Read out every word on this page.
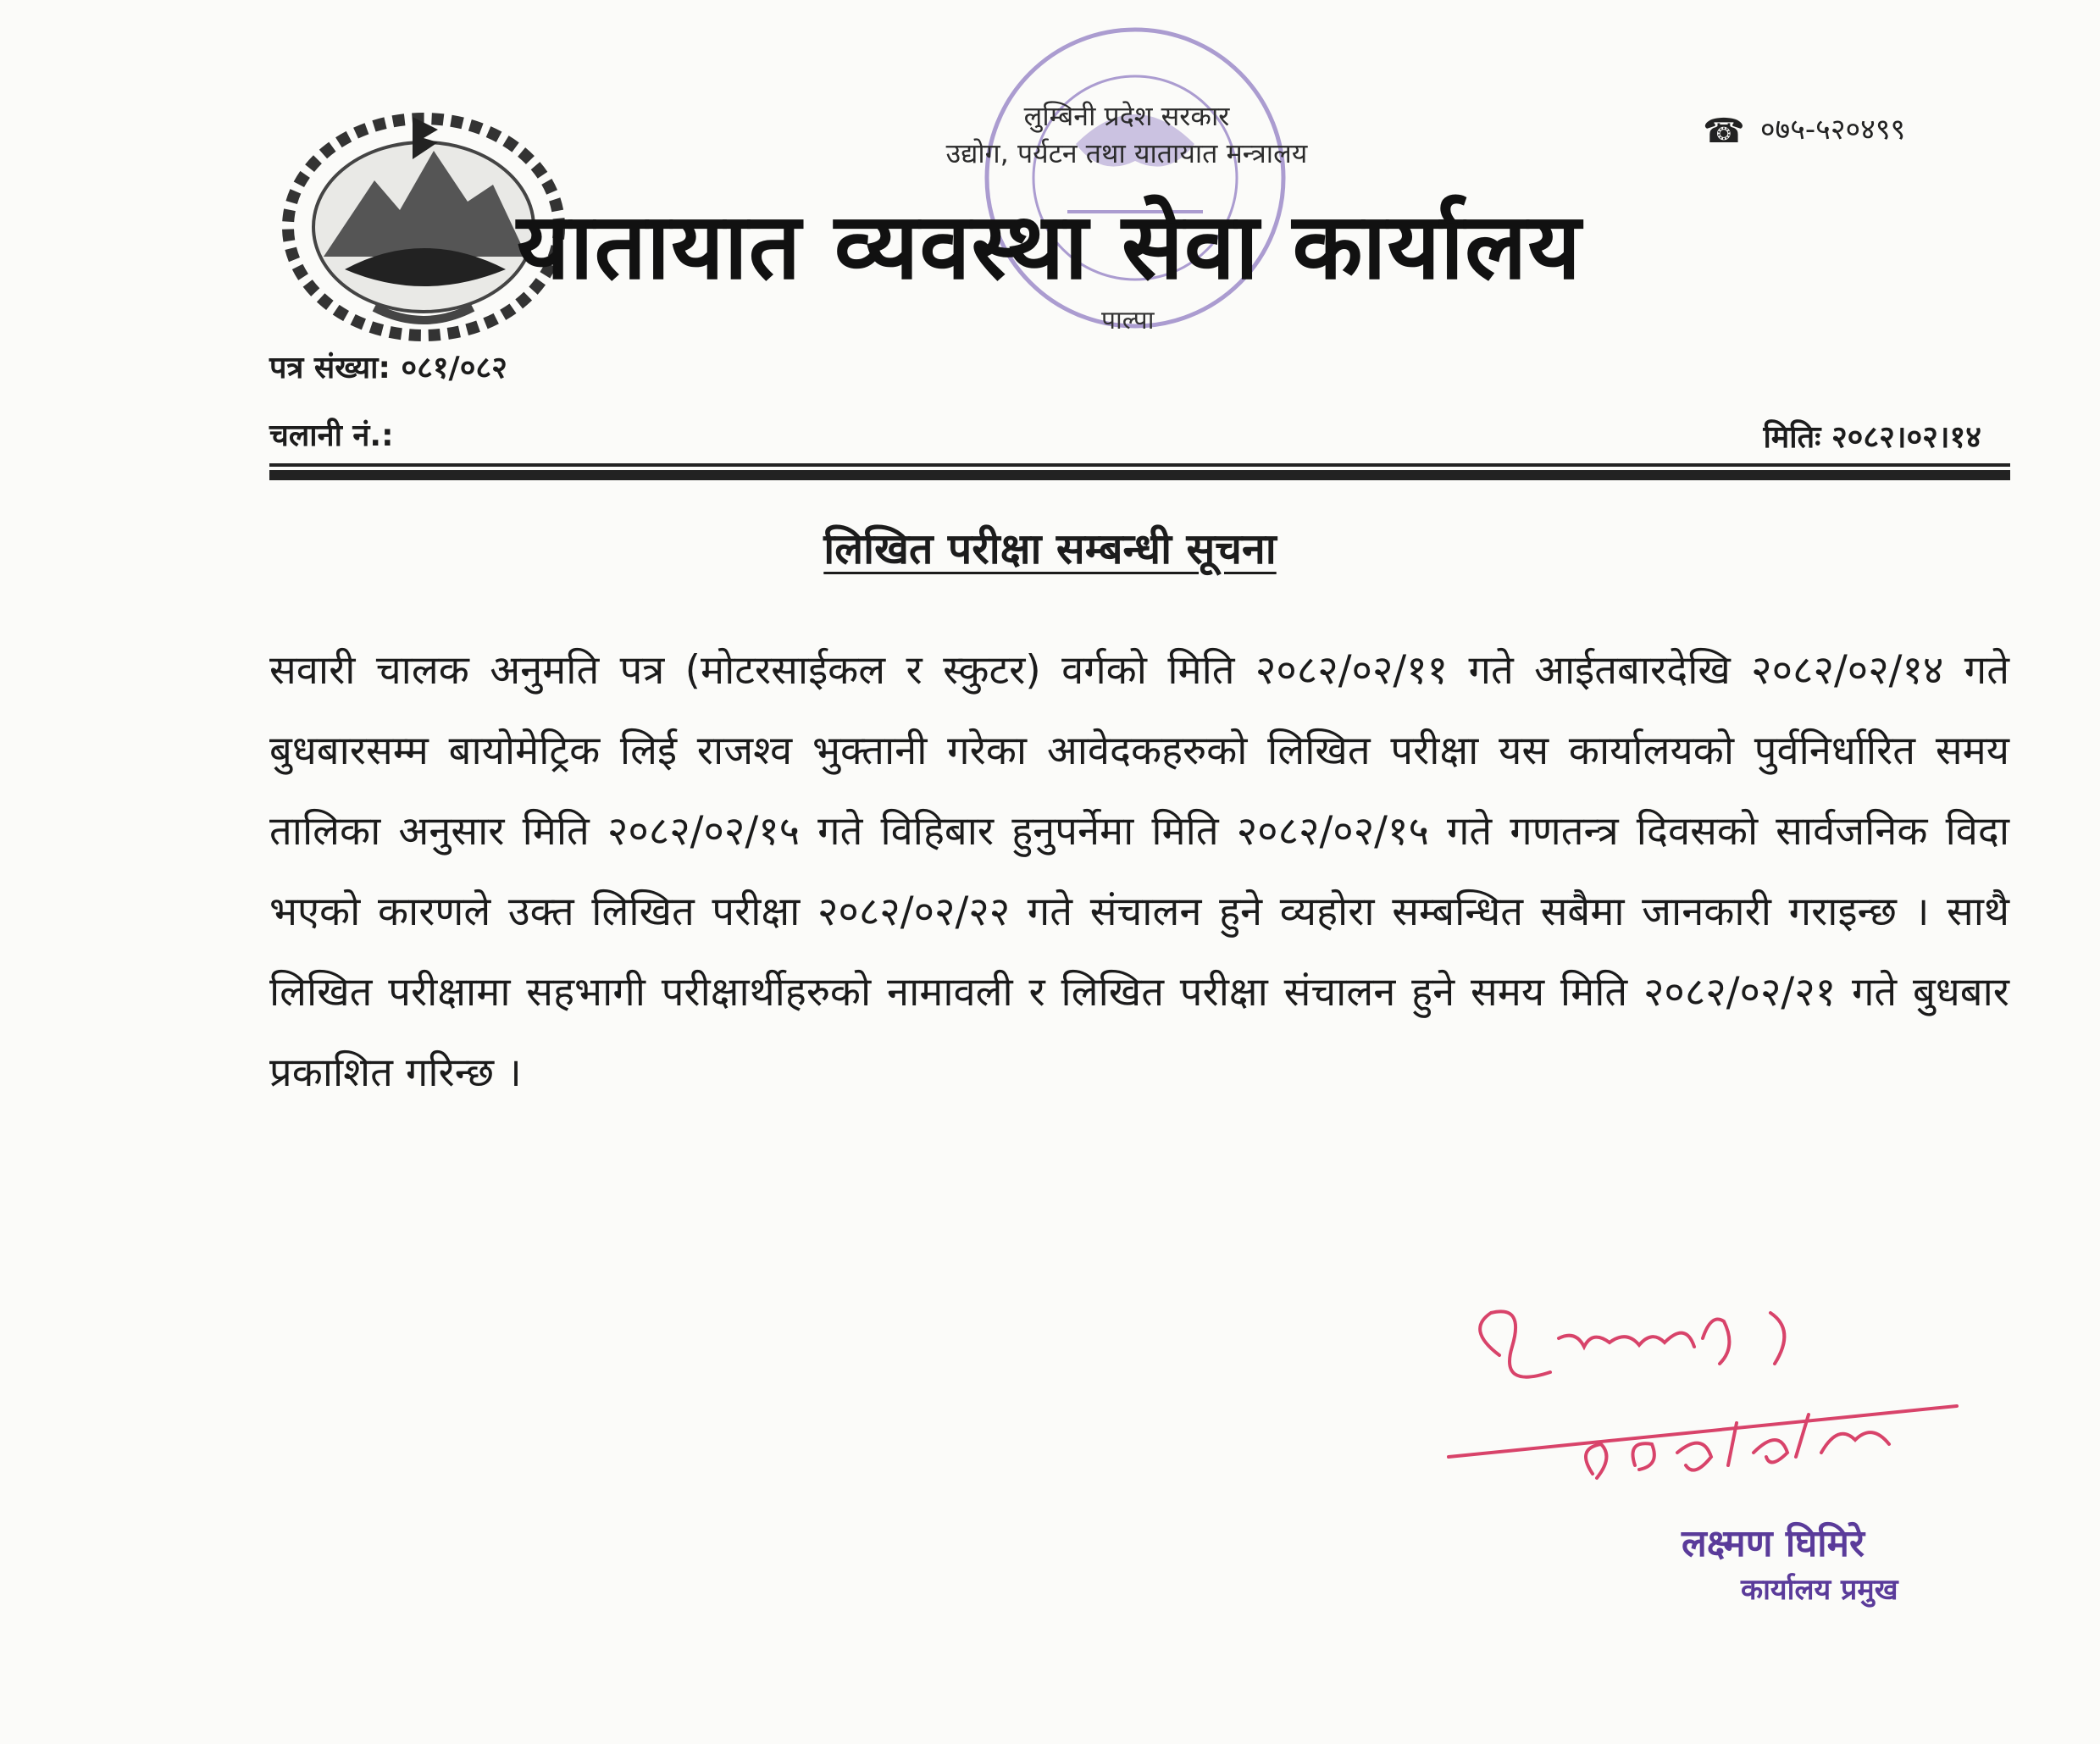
लुम्बिनी प्रदेश सरकार
उद्योग, पर्यटन तथा यातायात मन्त्रालय
यातायात व्यवस्था सेवा कार्यालय
पाल्पा
☎ ०७५-५२०४९९
पत्र संख्या: ०८१/०८२
चलानी नं.:	मितिः २०८२।०२।१४
लिखित परीक्षा सम्बन्धी सूचना
सवारी चालक अनुमति पत्र (मोटरसाईकल र स्कुटर) वर्गको मिति २०८२/०२/११ गते आईतबारदेखि २०८२/०२/१४ गते बुधबारसम्म बायोमेट्रिक लिई राजश्व भुक्तानी गरेका आवेदकहरुको लिखित परीक्षा यस कार्यालयको पुर्वनिर्धारित समय तालिका अनुसार मिति २०८२/०२/१५ गते विहिबार हुनुपर्नेमा मिति २०८२/०२/१५ गते गणतन्त्र दिवसको सार्वजनिक विदा भएको कारणले उक्त लिखित परीक्षा २०८२/०२/२२ गते संचालन हुने व्यहोरा सम्बन्धित सबैमा जानकारी गराइन्छ । साथै लिखित परीक्षामा सहभागी परीक्षार्थीहरुको नामावली र लिखित परीक्षा संचालन हुने समय मिति २०८२/०२/२१ गते बुधबार प्रकाशित गरिन्छ ।
लक्ष्मण घिमिरे
कार्यालय प्रमुख
